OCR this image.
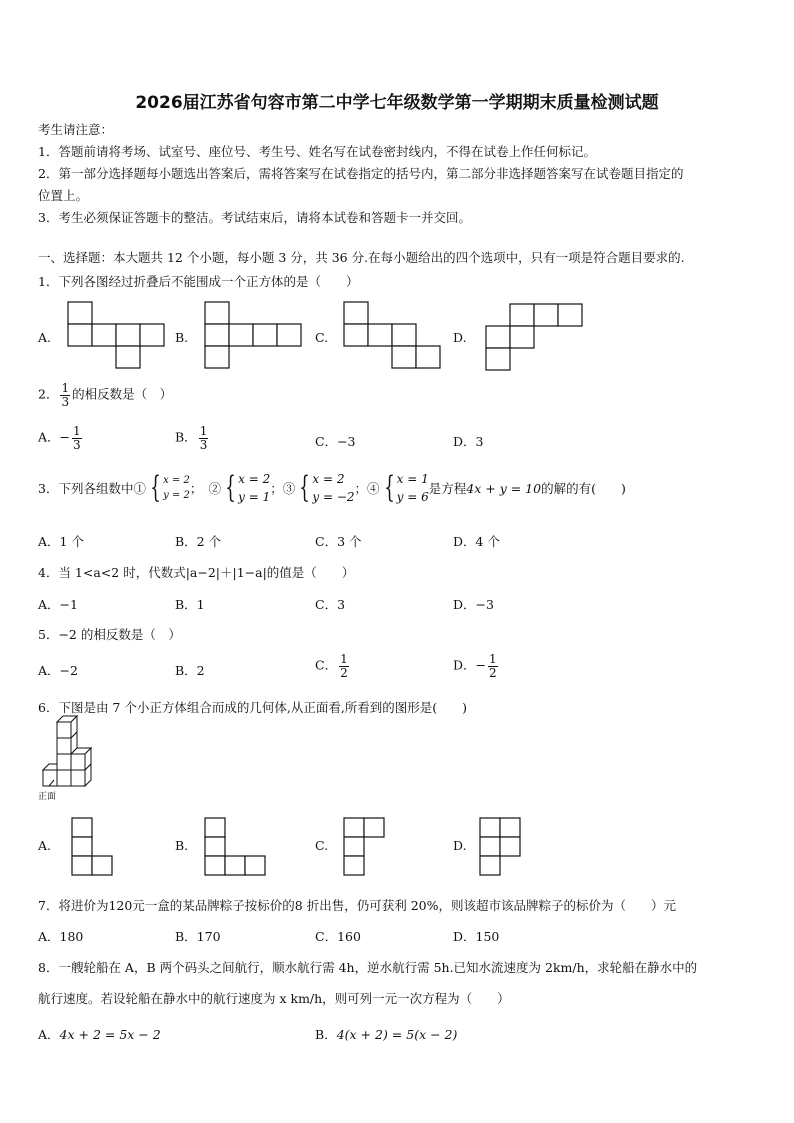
2026届江苏省句容市第二中学七年级数学第一学期期末质量检测试题
考生请注意：
1．答题前请将考场、试室号、座位号、考生号、姓名写在试卷密封线内，不得在试卷上作任何标记。
2．第一部分选择题每小题选出答案后，需将答案写在试卷指定的括号内，第二部分非选择题答案写在试卷题目指定的
位置上。
3．考生必须保证答题卡的整洁。考试结束后，请将本试卷和答题卡一并交回。
一、选择题：本大题共 12 个小题，每小题 3 分，共 36 分.在每小题给出的四个选项中，只有一项是符合题目要求的.
1．下列各图经过折叠后不能围成一个正方体的是（　　）
A.	B.	C.	D.
2． $\frac{1}{3}$ 的相反数是（　）
A．− $\frac{1}{3}$	B． $\frac{1}{3}$	C．−3	D．3
3．下列各组数中① { x = 2
y = 2 ；　② { x = 2
y = 1
；③ { x = 2
y = −2
；④ { x = 1
y = 6
是方程 4x + y = 10 的解的有(　　)
A．1 个	B．2 个	C．3 个	D．4 个
4．当 1<a<2 时，代数式|a−2|＋|1−a|的值是（　　）
A．−1	B．1	C．3	D．−3
5．−2 的相反数是（　）
A．−2	B．2	C． $\frac{1}{2}$	D．− $\frac{1}{2}$
6．下图是由 7 个小正方体组合而成的几何体,从正面看,所看到的图形是(　　)
正面
A.	B.	C.	D.
7．将进价为120元一盒的某品牌粽子按标价的8 折出售，仍可获利 20%，则该超市该品牌粽子的标价为（　　）元
A．180	B．170	C．160	D．150
8．一艘轮船在 A，B 两个码头之间航行，顺水航行需 4h，逆水航行需 5h.已知水流速度为 2km/h，求轮船在静水中的
航行速度。若设轮船在静水中的航行速度为 x km/h，则可列一元一次方程为（　　）
A．4x + 2 = 5x − 2	B．4(x + 2) = 5(x − 2)
